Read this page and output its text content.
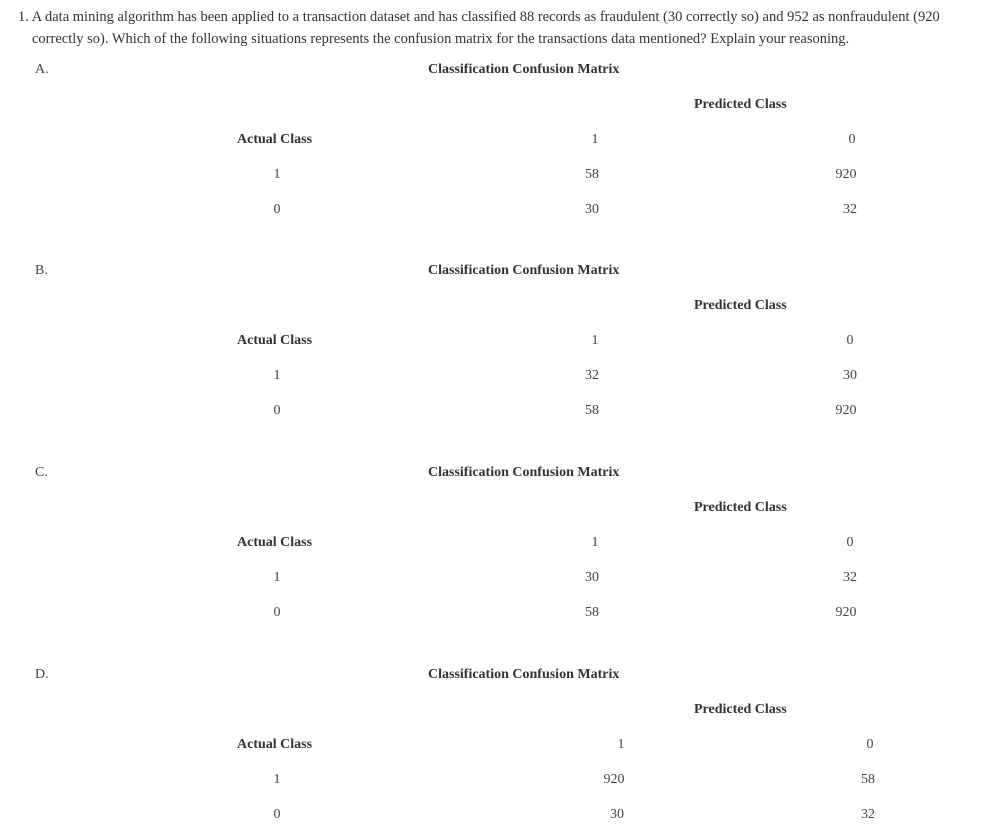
1. A data mining algorithm has been applied to a transaction dataset and has classified 88 records as fraudulent (30 correctly so) and 952 as nonfraudulent (920
correctly so). Which of the following situations represents the confusion matrix for the transactions data mentioned? Explain your reasoning.
A.	Classification Confusion Matrix
Predicted Class
Actual Class	1	0
1	58	920
0	30	32
B.	Classification Confusion Matrix
Predicted Class
Actual Class	1	0
1	32	30
0	58	920
C.	Classification Confusion Matrix
Predicted Class
Actual Class	1	0
1	30	32
0	58	920
D.	Classification Confusion Matrix
Predicted Class
Actual Class	1	0
1	920	58
0	30	32
